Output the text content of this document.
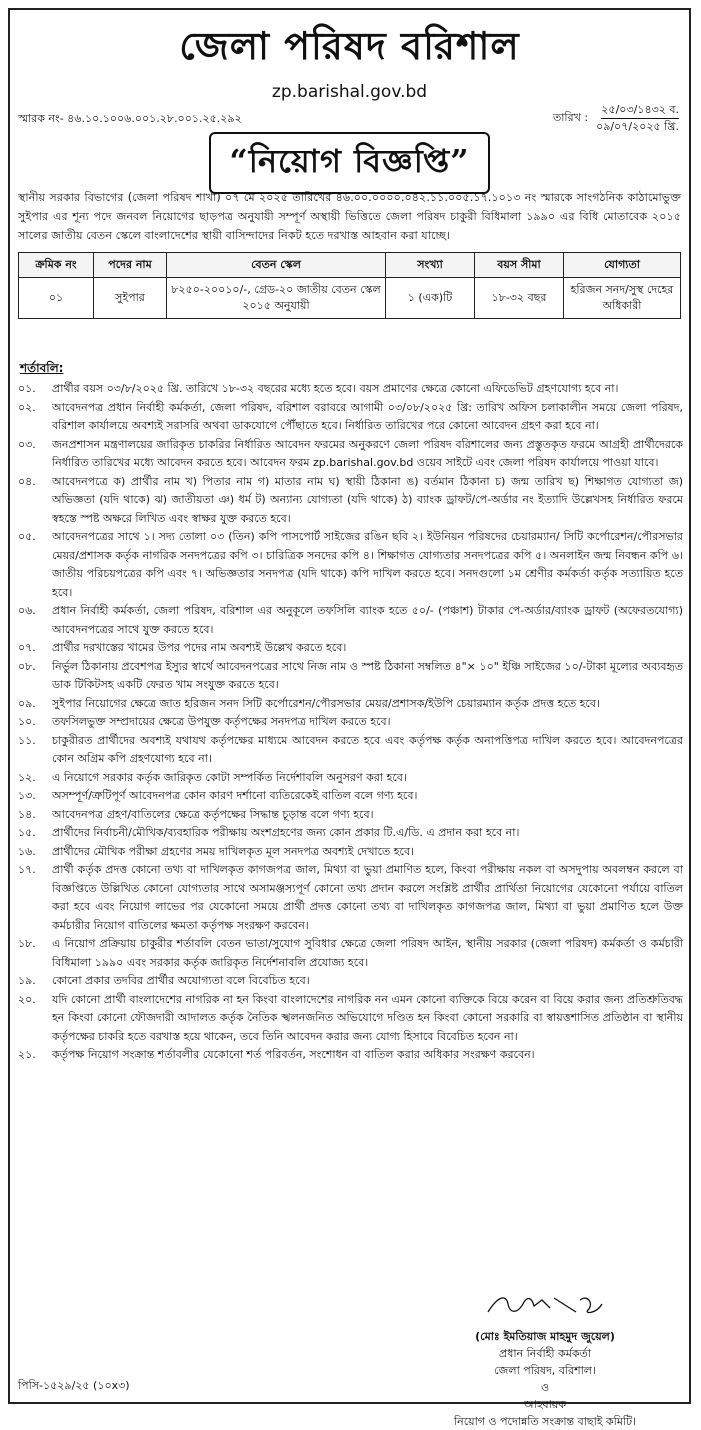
জেলা পরিষদ বরিশাল
zp.barishal.gov.bd
স্মারক নং- ৪৬.১০.১০০৬.০০১.২৮.০০১.২৫.২৯২	তারিখ :
২৫/০৩/১৪৩২ ব.
০৯/০৭/২০২৫ খ্রি.
“নিয়োগ বিজ্ঞপ্তি”
স্থানীয় সরকার বিভাগের (জেলা পরিষদ শাখা) ০৭ মে ২০২৫ তারিখের ৪৬.০০.০০০০.০৪২.১১.০০৫.১৭.১০১৩ নং স্মারকে সাংগঠনিক কাঠামোভুক্ত সুইপার এর শূন্য পদে জনবল নিয়োগের ছাড়পত্র অনুযায়ী সম্পূর্ণ অস্থায়ী ভিত্তিতে জেলা পরিষদ চাকুরী বিধিমালা ১৯৯০ এর বিধি মোতাবেক ২০১৫ সালের জাতীয় বেতন স্কেলে বাংলাদেশের স্থায়ী বাসিন্দাদের নিকট হতে দরখাস্ত আহবান করা যাচ্ছে।
ক্রমিক নং	পদের নাম	বেতন স্কেল	সংখ্যা	বয়স সীমা	যোগ্যতা
০১	সুইপার	৮২৫০-২০০১০/-, গ্রেড-২০ জাতীয় বেতন স্কেল ২০১৫ অনুযায়ী	১ (এক)টি	১৮-৩২ বছর	হরিজন সনদ/সুস্থ দেহের অধিকারী
শর্তাবলি:
০১.	প্রার্থীর বয়স ০৩/৮/২০২৫ খ্রি. তারিখে ১৮-৩২ বছরের মধ্যে হতে হবে। বয়স প্রমাণের ক্ষেত্রে কোনো এফিডেভিট গ্রহণযোগ্য হবে না।
০২.	আবেদনপত্র প্রধান নির্বাহী কর্মকর্তা, জেলা পরিষদ, বরিশাল বরাবরে আগামী ০৩/০৮/২০২৫ খ্রি: তারিখ অফিস চলাকালীন সময়ে জেলা পরিষদ, বরিশাল কার্যালয়ে অবশ্যই সরাসরি অথবা ডাকযোগে পৌঁছাতে হবে। নির্ধারিত তারিখের পরে কোনো আবেদন গ্রহণ করা হবে না।
০৩.	জনপ্রশাসন মন্ত্রণালয়ের জারিকৃত চাকরির নির্ধারিত আবেদন ফরমের অনুকরণে জেলা পরিষদ বরিশালের জন্য প্রস্তুতকৃত ফরমে আগ্রহী প্রার্থীদেরকে নির্ধারিত তারিখের মধ্যে আবেদন করতে হবে। আবেদন ফরম zp.barishal.gov.bd ওয়েব সাইটে এবং জেলা পরিষদ কার্যালয়ে পাওয়া যাবে।
০৪.	আবেদনপত্রে ক) প্রার্থীর নাম খ) পিতার নাম গ) মাতার নাম ঘ) স্থায়ী ঠিকানা ঙ) বর্তমান ঠিকানা চ) জন্ম তারিখ ছ) শিক্ষাগত যোগ্যতা জ) অভিজ্ঞতা (যদি থাকে) ঝ) জাতীয়তা ঞ) ধর্ম ট) অন্যান্য যোগ্যতা (যদি থাকে) ঠ) ব্যাংক ড্রাফট/পে-অর্ডার নং ইত্যাদি উল্লেখসহ নির্ধারিত ফরমে স্বহস্তে স্পষ্ট অক্ষরে লিখিত এবং স্বাক্ষর যুক্ত করতে হবে।
০৫.	আবেদনপত্রের সাথে ১। সদ্য তোলা ০৩ (তিন) কপি পাসপোর্ট সাইজের রঙিন ছবি ২। ইউনিয়ন পরিষদের চেয়ারম্যান/ সিটি কর্পোরেশন/পৌরসভার মেয়র/প্রশাসক কর্তৃক নাগরিক সনদপত্রের কপি ৩। চারিত্রিক সনদের কপি ৪। শিক্ষাগত যোগ্যতার সনদপত্রের কপি ৫। অনলাইন জন্ম নিবন্ধন কপি ৬। জাতীয় পরিচয়পত্রের কপি এবং ৭। অভিজ্ঞতার সনদপত্র (যদি থাকে) কপি দাখিল করতে হবে। সনদগুলো ১ম শ্রেণীর কর্মকর্তা কর্তৃক সত্যায়িত হতে হবে।
০৬.	প্রধান নির্বাহী কর্মকর্তা, জেলা পরিষদ, বরিশাল এর অনুকূলে তফসিলি ব্যাংক হতে ৫০/- (পঞ্চাশ) টাকার পে-অর্ডার/ব্যাংক ড্রাফট (অফেরতযোগ্য) আবেদনপত্রের সাথে যুক্ত করতে হবে।
০৭.	প্রার্থীর দরখাস্তের খামের উপর পদের নাম অবশ্যই উল্লেখ করতে হবে।
০৮.	নির্ভুল ঠিকানায় প্রবেশপত্র ইস্যুর স্বার্থে আবেদনপত্রের সাথে নিজ নাম ও স্পষ্ট ঠিকানা সম্বলিত ৪"× ১০" ইঞ্চি সাইজের ১০/-টাকা মূল্যের অব্যবহৃত ডাক টিকিটসহ একটি ফেরত খাম সংযুক্ত করতে হবে।
০৯.	সুইপার নিয়োগের ক্ষেত্রে জাত হরিজন সনদ সিটি কর্পোরেশন/পৌরসভার মেয়র/প্রশাসক/ইউপি চেয়ারম্যান কর্তৃক প্রদত্ত হতে হবে।
১০.	তফসিলভুক্ত সম্প্রদায়ের ক্ষেত্রে উপযুক্ত কর্তৃপক্ষের সনদপত্র দাখিল করতে হবে।
১১.	চাকুরীরত প্রার্থীদের অবশ্যই যথাযথ কর্তৃপক্ষের মাধ্যমে আবেদন করতে হবে এবং কর্তৃপক্ষ কর্তৃক অনাপত্তিপত্র দাখিল করতে হবে। আবেদনপত্রের কোন অগ্রিম কপি গ্রহণযোগ্য হবে না।
১২.	এ নিয়োগে সরকার কর্তৃক জারিকৃত কোটা সম্পর্কিত নির্দেশাবলি অনুসরণ করা হবে।
১৩.	অসম্পূর্ণ/ত্রুটিপূর্ণ আবেদনপত্র কোন কারণ দর্শানো ব্যতিরেকেই বাতিল বলে গণ্য হবে।
১৪.	আবেদনপত্র গ্রহণ/বাতিলের ক্ষেত্রে কর্তৃপক্ষের সিদ্ধান্ত চূড়ান্ত বলে গণ্য হবে।
১৫.	প্রার্থীদের নির্বাচনী/মৌখিক/ব্যবহারিক পরীক্ষায় অংশগ্রহণের জন্য কোন প্রকার টি.এ/ডি. এ প্রদান করা হবে না।
১৬.	প্রার্থীদের মৌখিক পরীক্ষা গ্রহণের সময় দাখিলকৃত মূল সনদপত্র অবশ্যই দেখাতে হবে।
১৭.	প্রার্থী কর্তৃক প্রদত্ত কোনো তথ্য বা দাখিলকৃত কাগজপত্র জাল, মিথ্যা বা ভুয়া প্রমাণিত হলে, কিংবা পরীক্ষায় নকল বা অসদুপায় অবলম্বন করলে বা বিজ্ঞপ্তিতে উল্লিখিত কোনো যোগ্যতার সাথে অসামঞ্জস্যপূর্ণ কোনো তথ্য প্রদান করলে সংশ্লিষ্ট প্রার্থীর প্রার্থিতা নিয়োগের যেকোনো পর্যায়ে বাতিল করা হবে এবং নিয়োগ লাভের পর যেকোনো সময়ে প্রার্থী প্রদত্ত কোনো তথ্য বা দাখিলকৃত কাগজপত্র জাল, মিথ্যা বা ভুয়া প্রমাণিত হলে উক্ত কর্মচারীর নিয়োগ বাতিলের ক্ষমতা কর্তৃপক্ষ সংরক্ষণ করবেন।
১৮.	এ নিয়োগ প্রক্রিয়ায় চাকুরীর শর্তাবলি বেতন ভাতা/সুযোগ সুবিধার ক্ষেত্রে জেলা পরিষদ আইন, স্থানীয় সরকার (জেলা পরিষদ) কর্মকর্তা ও কর্মচারী বিধিমালা ১৯৯০ এবং সরকার কর্তৃক জারিকৃত নির্দেশনাবলি প্রযোজ্য হবে।
১৯.	কোনো প্রকার তদবির প্রার্থীর অযোগ্যতা বলে বিবেচিত হবে।
২০.	যদি কোনো প্রার্থী বাংলাদেশের নাগরিক না হন কিংবা বাংলাদেশের নাগরিক নন এমন কোনো ব্যক্তিকে বিয়ে করেন বা বিয়ে করার জন্য প্রতিশ্রুতিবদ্ধ হন কিংবা কোনো ফৌজদারী আদালত কর্তৃক নৈতিক স্খলনজনিত অভিযোগে দণ্ডিত হন কিংবা কোনো সরকারি বা স্বায়ত্তশাসিত প্রতিষ্ঠান বা স্থানীয় কর্তৃপক্ষের চাকরি হতে বরখাস্ত হয়ে থাকেন, তবে তিনি আবেদন করার জন্য যোগ্য হিসাবে বিবেচিত হবেন না।
২১.	কর্তৃপক্ষ নিয়োগ সংক্রান্ত শর্তাবলীর যেকোনো শর্ত পরিবর্তন, সংশোধন বা বাতিল করার অধিকার সংরক্ষণ করবেন।
(মোঃ ইমতিয়াজ মাহমুদ জুয়েল)
প্রধান নির্বাহী কর্মকর্তা
জেলা পরিষদ, বরিশাল।
ও
আহবায়ক
নিয়োগ ও পদোন্নতি সংক্রান্ত বাছাই কমিটি।
পিসি-১৫২৯/২৫ (১০x৩)
